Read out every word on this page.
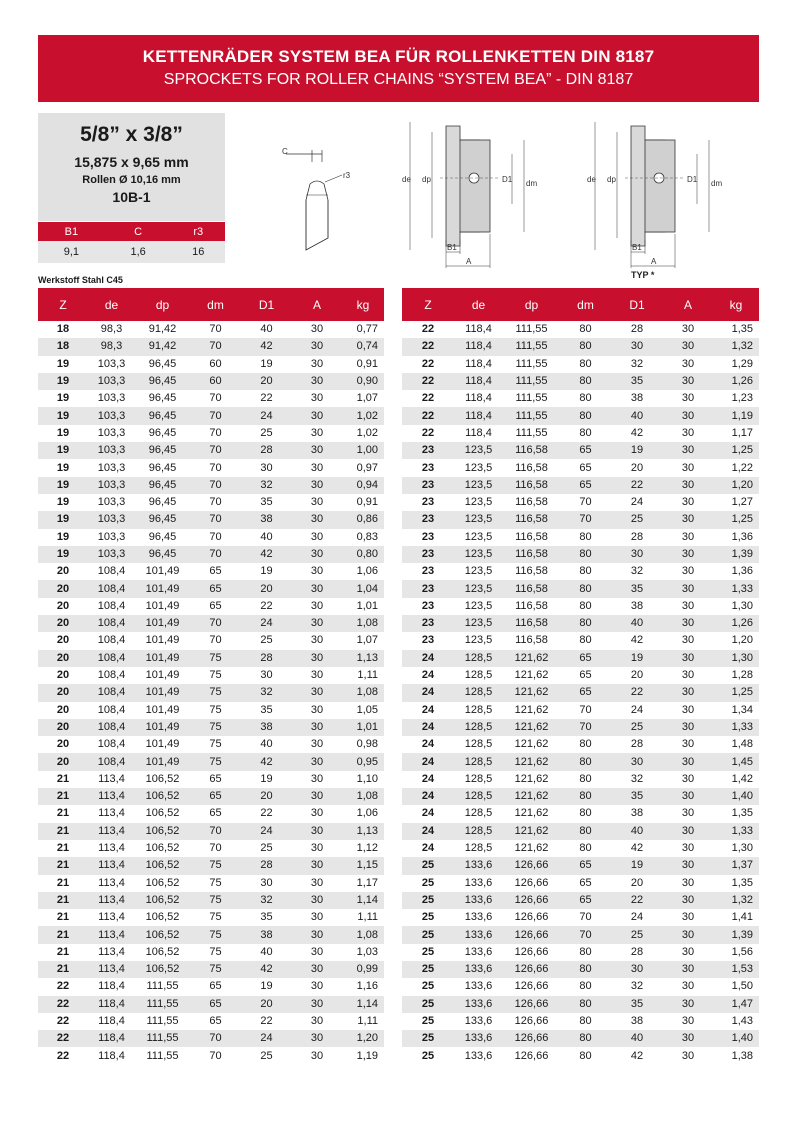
KETTENRÄDER SYSTEM BEA FÜR ROLLENKETTEN DIN 8187
SPROCKETS FOR ROLLER CHAINS “SYSTEM BEA” - DIN 8187
5/8” x 3/8”
15,875 x 9,65 mm
Rollen Ø 10,16 mm
10B-1
B1	C	r3
9,1	1,6	16
Werkstoff Stahl C45
C
r3	de dp	D1 dm
B1
A
de dp	D1 dm
B1
A
TYP *
Z	de	dp	dm	D1	A	kg
18	98,3	91,42	70	40	30	0,77
18	98,3	91,42	70	42	30	0,74
19	103,3	96,45	60	19	30	0,91
19	103,3	96,45	60	20	30	0,90
19	103,3	96,45	70	22	30	1,07
19	103,3	96,45	70	24	30	1,02
19	103,3	96,45	70	25	30	1,02
19	103,3	96,45	70	28	30	1,00
19	103,3	96,45	70	30	30	0,97
19	103,3	96,45	70	32	30	0,94
19	103,3	96,45	70	35	30	0,91
19	103,3	96,45	70	38	30	0,86
19	103,3	96,45	70	40	30	0,83
19	103,3	96,45	70	42	30	0,80
20	108,4	101,49	65	19	30	1,06
20	108,4	101,49	65	20	30	1,04
20	108,4	101,49	65	22	30	1,01
20	108,4	101,49	70	24	30	1,08
20	108,4	101,49	70	25	30	1,07
20	108,4	101,49	75	28	30	1,13
20	108,4	101,49	75	30	30	1,11
20	108,4	101,49	75	32	30	1,08
20	108,4	101,49	75	35	30	1,05
20	108,4	101,49	75	38	30	1,01
20	108,4	101,49	75	40	30	0,98
20	108,4	101,49	75	42	30	0,95
21	113,4	106,52	65	19	30	1,10
21	113,4	106,52	65	20	30	1,08
21	113,4	106,52	65	22	30	1,06
21	113,4	106,52	70	24	30	1,13
21	113,4	106,52	70	25	30	1,12
21	113,4	106,52	75	28	30	1,15
21	113,4	106,52	75	30	30	1,17
21	113,4	106,52	75	32	30	1,14
21	113,4	106,52	75	35	30	1,11
21	113,4	106,52	75	38	30	1,08
21	113,4	106,52	75	40	30	1,03
21	113,4	106,52	75	42	30	0,99
22	118,4	111,55	65	19	30	1,16
22	118,4	111,55	65	20	30	1,14
22	118,4	111,55	65	22	30	1,11
22	118,4	111,55	70	24	30	1,20
22	118,4	111,55	70	25	30	1,19
Z	de	dp	dm	D1	A	kg
22	118,4	111,55	80	28	30	1,35
22	118,4	111,55	80	30	30	1,32
22	118,4	111,55	80	32	30	1,29
22	118,4	111,55	80	35	30	1,26
22	118,4	111,55	80	38	30	1,23
22	118,4	111,55	80	40	30	1,19
22	118,4	111,55	80	42	30	1,17
23	123,5	116,58	65	19	30	1,25
23	123,5	116,58	65	20	30	1,22
23	123,5	116,58	65	22	30	1,20
23	123,5	116,58	70	24	30	1,27
23	123,5	116,58	70	25	30	1,25
23	123,5	116,58	80	28	30	1,36
23	123,5	116,58	80	30	30	1,39
23	123,5	116,58	80	32	30	1,36
23	123,5	116,58	80	35	30	1,33
23	123,5	116,58	80	38	30	1,30
23	123,5	116,58	80	40	30	1,26
23	123,5	116,58	80	42	30	1,20
24	128,5	121,62	65	19	30	1,30
24	128,5	121,62	65	20	30	1,28
24	128,5	121,62	65	22	30	1,25
24	128,5	121,62	70	24	30	1,34
24	128,5	121,62	70	25	30	1,33
24	128,5	121,62	80	28	30	1,48
24	128,5	121,62	80	30	30	1,45
24	128,5	121,62	80	32	30	1,42
24	128,5	121,62	80	35	30	1,40
24	128,5	121,62	80	38	30	1,35
24	128,5	121,62	80	40	30	1,33
24	128,5	121,62	80	42	30	1,30
25	133,6	126,66	65	19	30	1,37
25	133,6	126,66	65	20	30	1,35
25	133,6	126,66	65	22	30	1,32
25	133,6	126,66	70	24	30	1,41
25	133,6	126,66	70	25	30	1,39
25	133,6	126,66	80	28	30	1,56
25	133,6	126,66	80	30	30	1,53
25	133,6	126,66	80	32	30	1,50
25	133,6	126,66	80	35	30	1,47
25	133,6	126,66	80	38	30	1,43
25	133,6	126,66	80	40	30	1,40
25	133,6	126,66	80	42	30	1,38
